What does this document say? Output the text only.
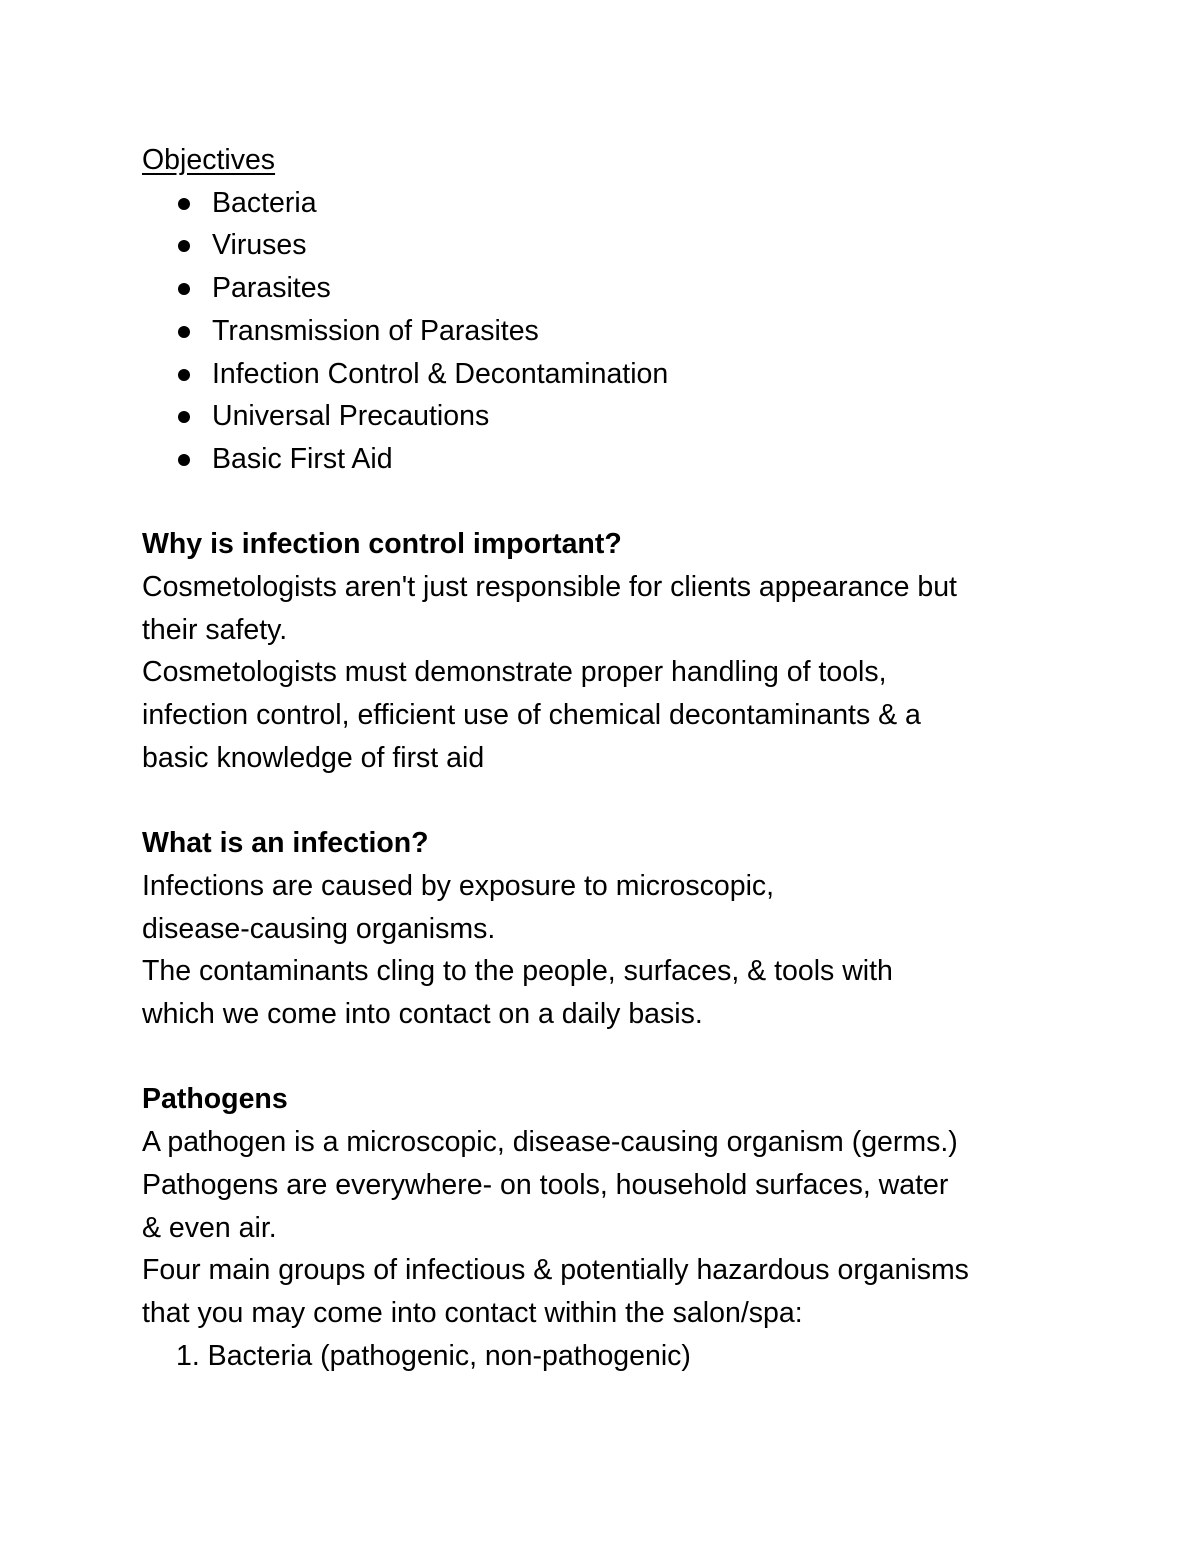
Objectives
Bacteria
Viruses
Parasites
Transmission of Parasites
Infection Control & Decontamination
Universal Precautions
Basic First Aid
Why is infection control important?

Cosmetologists aren't just responsible for clients appearance but

their safety.

Cosmetologists must demonstrate proper handling of tools,

infection control, efficient use of chemical decontaminants & a

basic knowledge of first aid

What is an infection?

Infections are caused by exposure to microscopic,

disease-causing organisms.

The contaminants cling to the people, surfaces, & tools with

which we come into contact on a daily basis.

Pathogens

A pathogen is a microscopic, disease-causing organism (germs.)

Pathogens are everywhere- on tools, household surfaces, water

& even air.

Four main groups of infectious & potentially hazardous organisms

that you may come into contact within the salon/spa:

1. Bacteria (pathogenic, non-pathogenic)
